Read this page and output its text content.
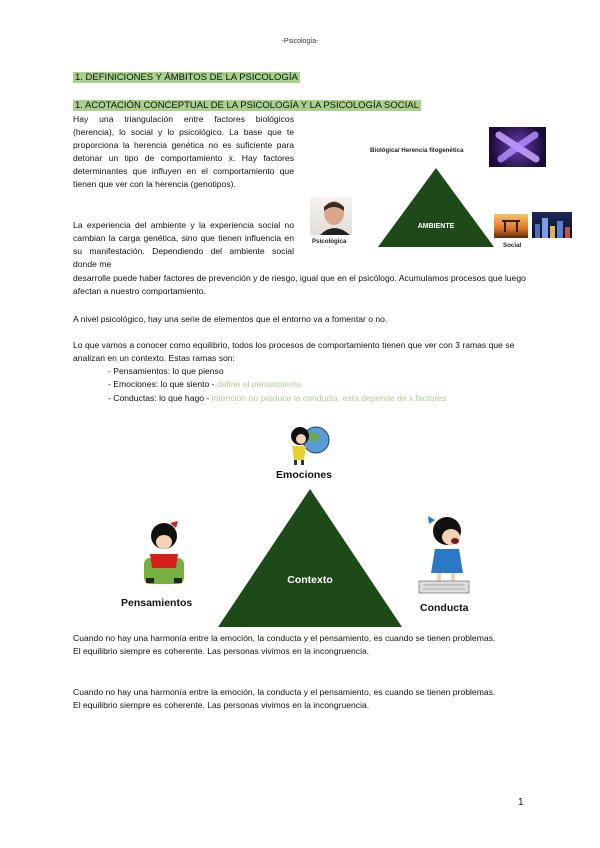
-Psicología-
1. DEFINICIONES Y ÁMBITOS DE LA PSICOLOGÍA
1. ACOTACIÓN CONCEPTUAL DE LA PSICOLOGÍA Y LA PSICOLOGÍA SOCIAL
Hay una triangulación entre factores biológicos (herencia), lo social y lo psicológico. La base que te proporciona la herencia genética no es suficiente para detonar un tipo de comportamiento x. Hay factores determinantes que influyen en el comportamiento que tienen que ver con la herencia (genotipos).
La experiencia del ambiente y la experiencia social no cambian la carga genética, sino que tienen influencia en su manifestación. Dependiendo del ambiente social donde me
desarrolle puede haber factores de prevención y de riesgo, igual que en el psicólogo. Acumulamos procesos que luego afectan a nuestro comportamiento.
A nivel psicológico, hay una serie de elementos que el entorno va a fomentar o no.
Lo que vamos a conocer como equilibrio, todos los procesos de comportamiento tienen que ver con 3 ramas que se analizan en un contexto. Estas ramas son:
- Pensamientos: lo que pienso
- Emociones: lo que siento - define el pensamiento
- Conductas: lo que hago - intención no produce la conducta, esta depende de x factores
AMBIENTE
Biológica/ Herencia filogenética
Psicológica
Social
Contexto
Emociones
Pensamientos	Conducta
Cuando no hay una harmonía entre la emoción, la conducta y el pensamiento, es cuando se tienen problemas.
El equilibrio siempre es coherente. Las personas vivimos en la incongruencia.
Cuando no hay una harmonía entre la emoción, la conducta y el pensamiento, es cuando se tienen problemas.
El equilibrio siempre es coherente. Las personas vivimos en la incongruencia.
1
